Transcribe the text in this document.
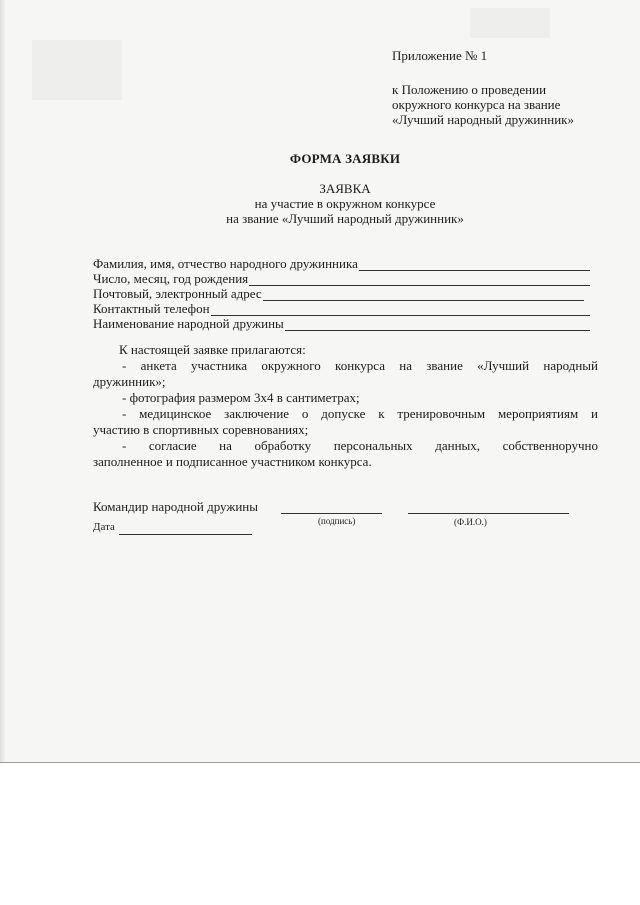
Приложение № 1
к Положению о проведении
окружного конкурса на звание
«Лучший народный дружинник»
ФОРМА ЗАЯВКИ
ЗАЯВКА
на участие в окружном конкурсе
на звание «Лучший народный дружинник»
Фамилия, имя, отчество народного дружинника
Число, месяц, год рождения
Почтовый, электронный адрес
Контактный телефон
Наименование народной дружины

К настоящей заявке прилагаются:

- анкета участника окружного конкурса на звание «Лучший народный

дружинник»;

- фотография размером 3х4 в сантиметрах;

- медицинское заключение о допуске к тренировочным мероприятиям и

участию в спортивных соревнованиях;

- согласие на обработку персональных данных, собственноручно

заполненное и подписанное участником конкурса.

Командир народной дружины
(подпись)	(Ф.И.О.)
Дата
